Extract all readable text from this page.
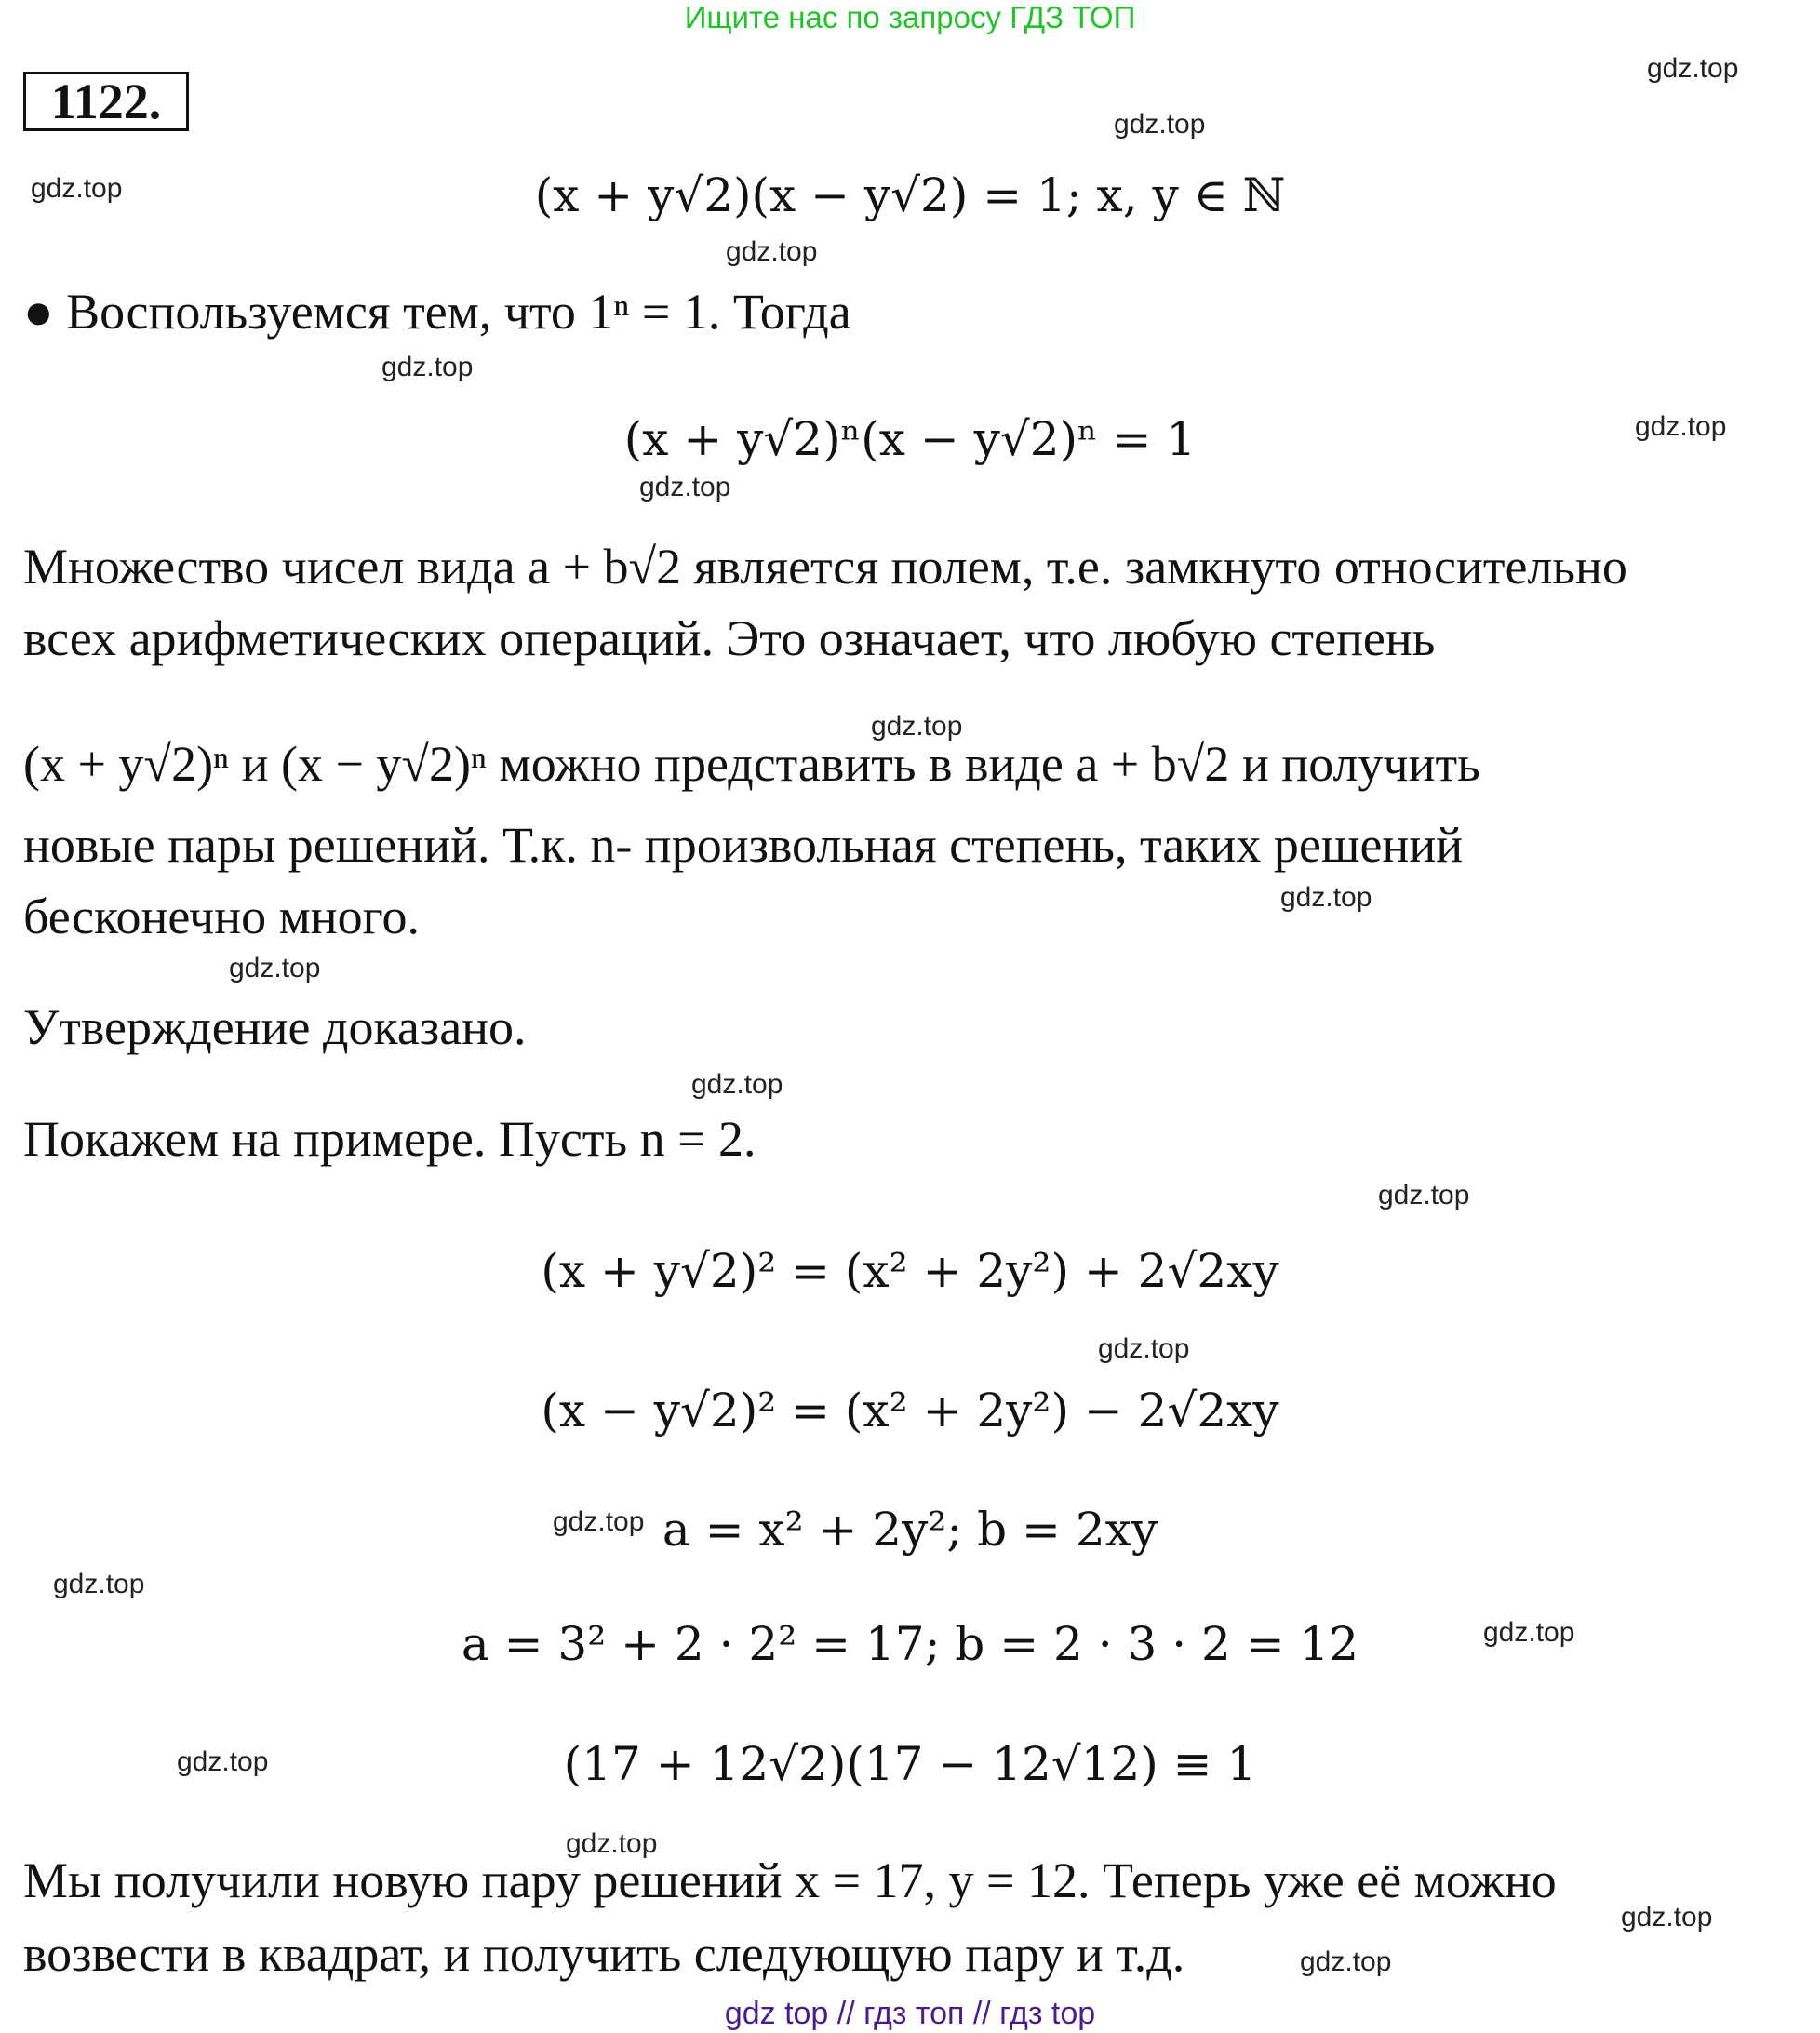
Ищите нас по запросу ГДЗ ТОП
1122.
(x + y√2)(x − y√2) = 1; x, y ∈ ℕ
● Воспользуемся тем, что 1ⁿ = 1. Тогда
(x + y√2)ⁿ(x − y√2)ⁿ = 1
Множество чисел вида a + b√2 является полем, т.е. замкнуто относительно
всех арифметических операций. Это означает, что любую степень
(x + y√2)ⁿ и (x − y√2)ⁿ можно представить в виде a + b√2 и получить
новые пары решений. Т.к. n- произвольная степень, таких решений
бесконечно много.
Утверждение доказано.
Покажем на примере. Пусть n = 2.
(x + y√2)² = (x² + 2y²) + 2√2xy
(x − y√2)² = (x² + 2y²) − 2√2xy
a = x² + 2y²; b = 2xy
a = 3² + 2 · 2² = 17; b = 2 · 3 · 2 = 12
(17 + 12√2)(17 − 12√12) ≡ 1
Мы получили новую пару решений x = 17, y = 12. Теперь уже её можно
возвести в квадрат, и получить следующую пару и т.д.
gdz.top
gdz.top
gdz.top
gdz.top
gdz.top
gdz.top
gdz.top
gdz.top
gdz.top
gdz.top
gdz.top
gdz.top
gdz.top
gdz.top
gdz.top
gdz.top
gdz.top
gdz.top
gdz.top
gdz.top
gdz top // гдз топ // гдз top
